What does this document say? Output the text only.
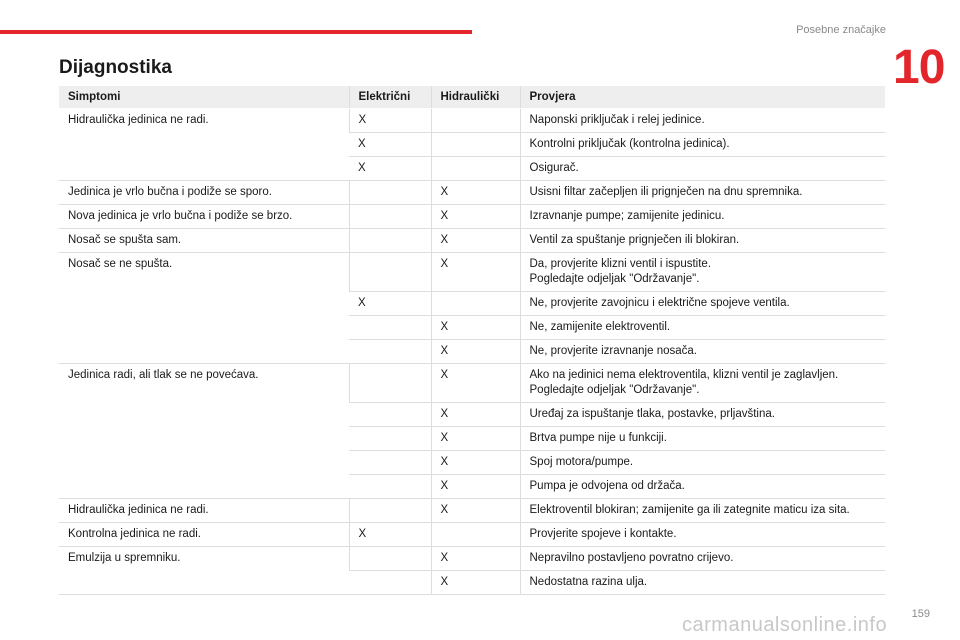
Posebne značajke
10
Dijagnostika
Simptomi	Električni	Hidraulički	Provjera
Hidraulička jedinica ne radi.	X		Naponski priključak i relej jedinice.

	X		Kontrolni priključak (kontrolna jedinica).

	X		Osigurač.

Jedinica je vrlo bučna i podiže se sporo.		X	Usisni filtar začepljen ili prignječen na dnu spremnika.

Nova jedinica je vrlo bučna i podiže se brzo.		X	Izravnanje pumpe; zamijenite jedinicu.

Nosač se spušta sam.		X	Ventil za spuštanje prignječen ili blokiran.

Nosač se ne spušta.		X	Da, provjerite klizni ventil i ispustite.
Pogledajte odjeljak "Održavanje".

	X		Ne, provjerite zavojnicu i električne spojeve ventila.

		X	Ne, zamijenite elektroventil.

		X	Ne, provjerite izravnanje nosača.

Jedinica radi, ali tlak se ne povećava.		X	Ako na jedinici nema elektroventila, klizni ventil je zaglavljen.
Pogledajte odjeljak "Održavanje".

		X	Uređaj za ispuštanje tlaka, postavke, prljavština.

		X	Brtva pumpe nije u funkciji.

		X	Spoj motora/pumpe.

		X	Pumpa je odvojena od držača.

Hidraulička jedinica ne radi.		X	Elektroventil blokiran; zamijenite ga ili zategnite maticu iza sita.

Kontrolna jedinica ne radi.	X		Provjerite spojeve i kontakte.

Emulzija u spremniku.		X	Nepravilno postavljeno povratno crijevo.

		X	Nedostatna razina ulja.
159
carmanualsonline.info
